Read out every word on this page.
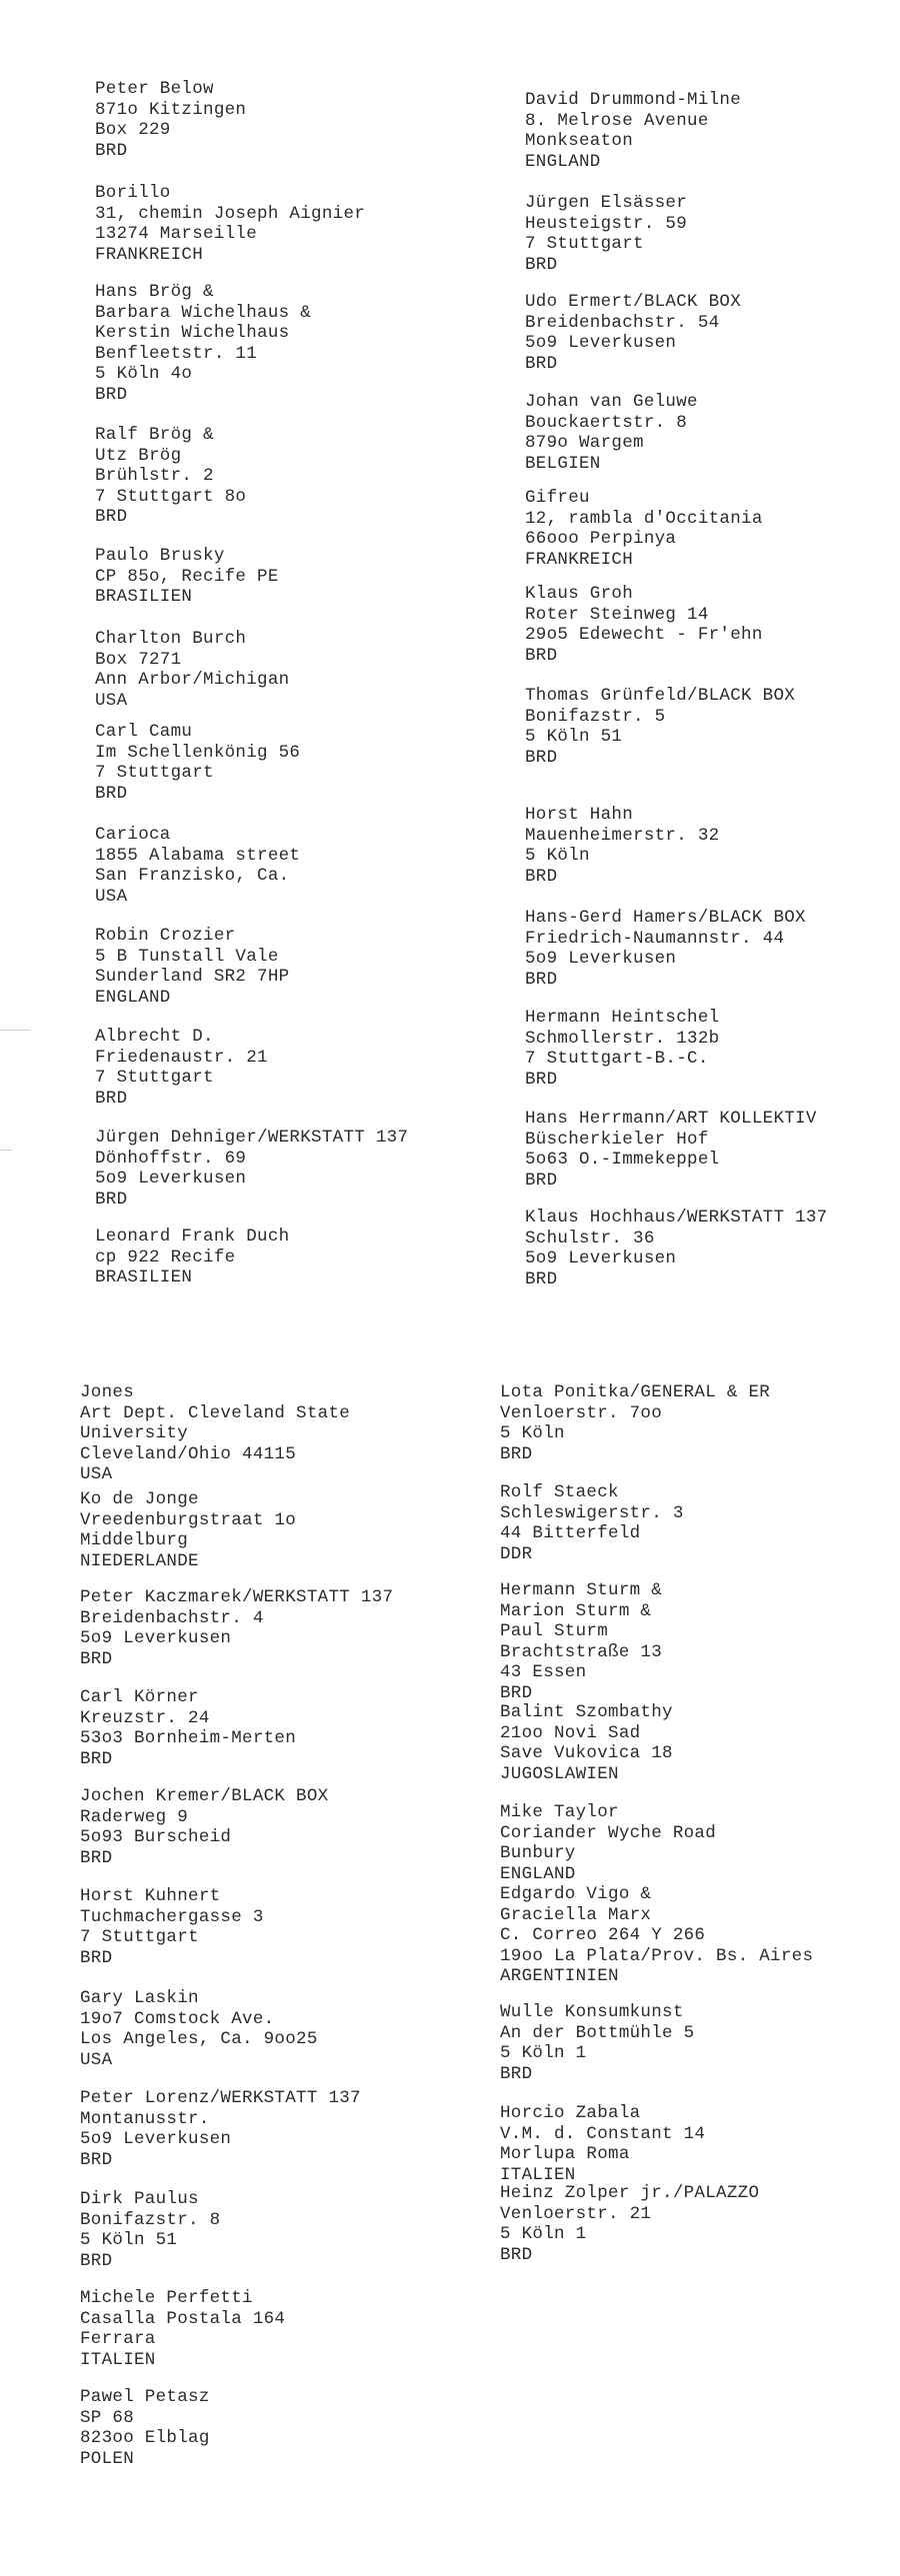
Peter Below
871o Kitzingen
Box 229
BRD
Borillo
31, chemin Joseph Aignier
13274 Marseille
FRANKREICH
Hans Brög &
Barbara Wichelhaus &
Kerstin Wichelhaus
Benfleetstr. 11
5 Köln 4o
BRD
Ralf Brög &
Utz Brög
Brühlstr. 2
7 Stuttgart 8o
BRD
Paulo Brusky
CP 85o, Recife PE
BRASILIEN
Charlton Burch
Box 7271
Ann Arbor/Michigan
USA
Carl Camu
Im Schellenkönig 56
7 Stuttgart
BRD
Carioca
1855 Alabama street
San Franzisko, Ca.
USA
Robin Crozier
5 B Tunstall Vale
Sunderland SR2 7HP
ENGLAND
Albrecht D.
Friedenaustr. 21
7 Stuttgart
BRD
Jürgen Dehniger/WERKSTATT 137
Dönhoffstr. 69
5o9 Leverkusen
BRD
Leonard Frank Duch
cp 922 Recife
BRASILIEN
David Drummond-Milne
8. Melrose Avenue
Monkseaton
ENGLAND
Jürgen Elsässer
Heusteigstr. 59
7 Stuttgart
BRD
Udo Ermert/BLACK BOX
Breidenbachstr. 54
5o9 Leverkusen
BRD
Johan van Geluwe
Bouckaertstr. 8
879o Wargem
BELGIEN
Gifreu
12, rambla d'Occitania
66ooo Perpinya
FRANKREICH
Klaus Groh
Roter Steinweg 14
29o5 Edewecht - Fr'ehn
BRD
Thomas Grünfeld/BLACK BOX
Bonifazstr. 5
5 Köln 51
BRD
Horst Hahn
Mauenheimerstr. 32
5 Köln
BRD
Hans-Gerd Hamers/BLACK BOX
Friedrich-Naumannstr. 44
5o9 Leverkusen
BRD
Hermann Heintschel
Schmollerstr. 132b
7 Stuttgart-B.-C.
BRD
Hans Herrmann/ART KOLLEKTIV
Büscherkieler Hof
5o63 O.-Immekeppel
BRD
Klaus Hochhaus/WERKSTATT 137
Schulstr. 36
5o9 Leverkusen
BRD
Jones
Art Dept. Cleveland State
University
Cleveland/Ohio 44115
USA
Ko de Jonge
Vreedenburgstraat 1o
Middelburg
NIEDERLANDE
Peter Kaczmarek/WERKSTATT 137
Breidenbachstr. 4
5o9 Leverkusen
BRD
Carl Körner
Kreuzstr. 24
53o3 Bornheim-Merten
BRD
Jochen Kremer/BLACK BOX
Raderweg 9
5o93 Burscheid
BRD
Horst Kuhnert
Tuchmachergasse 3
7 Stuttgart
BRD
Gary Laskin
19o7 Comstock Ave.
Los Angeles, Ca. 9oo25
USA
Peter Lorenz/WERKSTATT 137
Montanusstr.
5o9 Leverkusen
BRD
Dirk Paulus
Bonifazstr. 8
5 Köln 51
BRD
Michele Perfetti
Casalla Postala 164
Ferrara
ITALIEN
Pawel Petasz
SP 68
823oo Elblag
POLEN
Lota Ponitka/GENERAL & ER
Venloerstr. 7oo
5 Köln
BRD
Rolf Staeck
Schleswigerstr. 3
44 Bitterfeld
DDR
Hermann Sturm &
Marion Sturm &
Paul Sturm
Brachtstraße 13
43 Essen
BRD
Balint Szombathy
21oo Novi Sad
Save Vukovica 18
JUGOSLAWIEN
Mike Taylor
Coriander Wyche Road
Bunbury
ENGLAND
Edgardo Vigo &
Graciella Marx
C. Correo 264 Y 266
19oo La Plata/Prov. Bs. Aires
ARGENTINIEN
Wulle Konsumkunst
An der Bottmühle 5
5 Köln 1
BRD
Horcio Zabala
V.M. d. Constant 14
Morlupa Roma
ITALIEN
Heinz Zolper jr./PALAZZO
Venloerstr. 21
5 Köln 1
BRD
